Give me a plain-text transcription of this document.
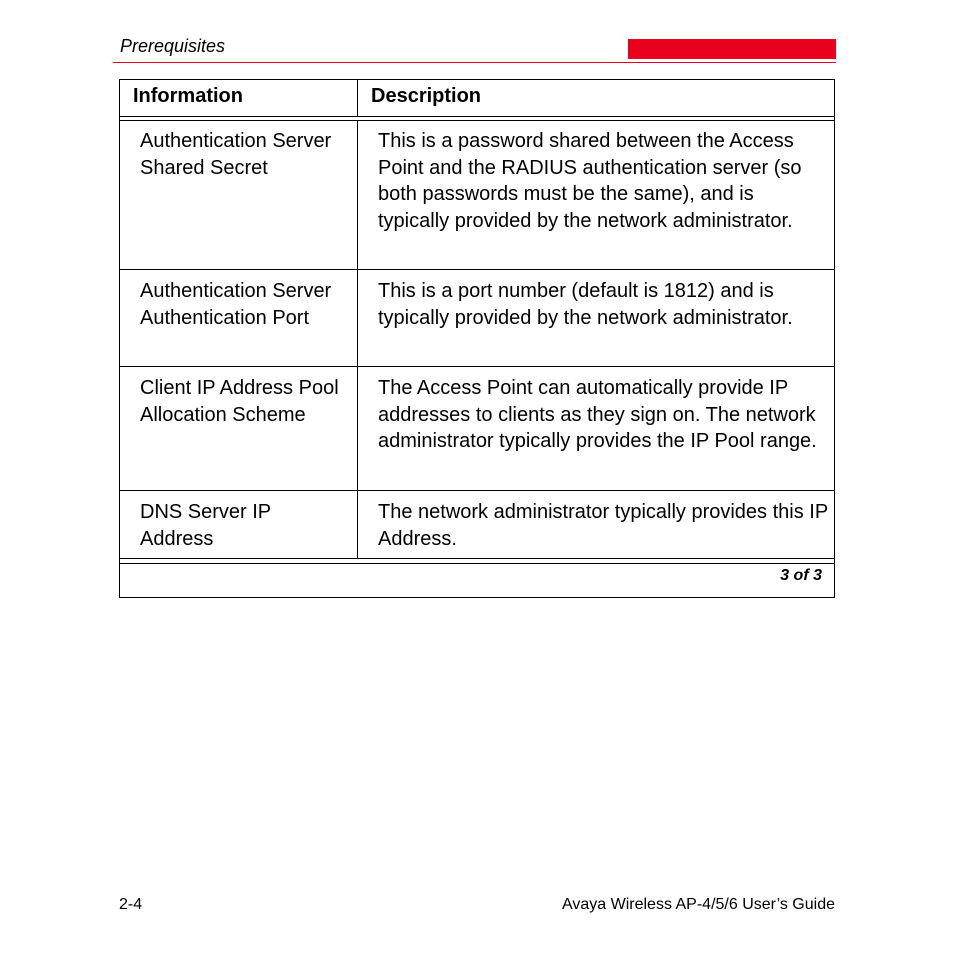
Prerequisites
Information	Description
Authentication Server Shared Secret
This is a password shared between the Access Point and the RADIUS authentication server (so both passwords must be the same), and is typically provided by the network administrator.
Authentication Server Authentication Port
This is a port number (default is 1812) and is typically provided by the network administrator.
Client IP Address Pool Allocation Scheme
The Access Point can automatically provide IP addresses to clients as they sign on. The network administrator typically provides the IP Pool range.
DNS Server IP Address
The network administrator typically provides this IP Address.
3 of 3
2-4	Avaya Wireless AP-4/5/6 User’s Guide
